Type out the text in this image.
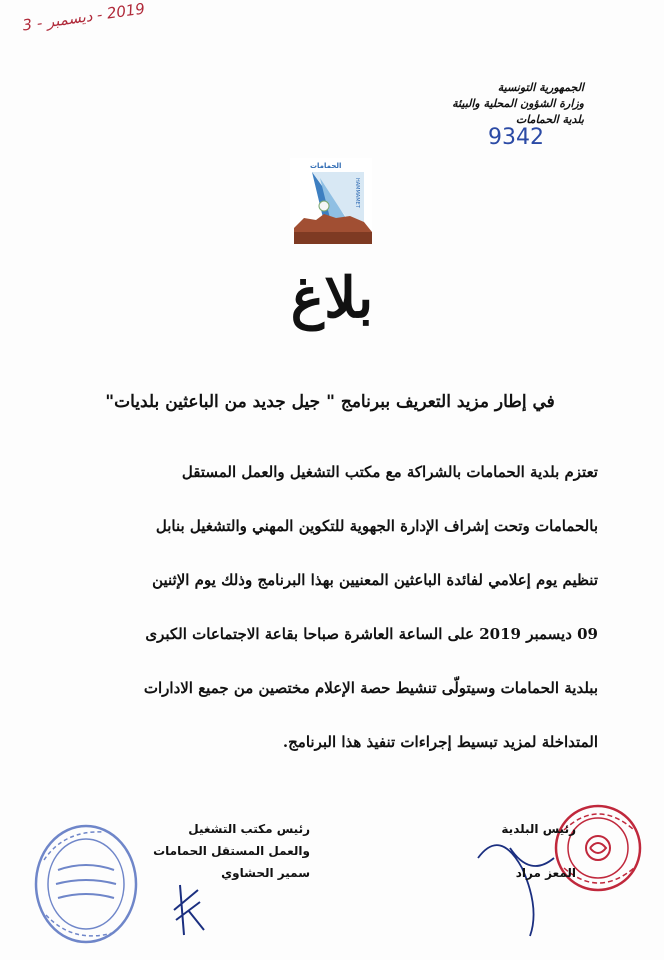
2019 - ديسمبر - 3
الجمهورية التونسية
وزارة الشؤون المحلية والبيئة
بلدية الحمامات
9342
الحمامات
HAMMAMET
بلاغ
في إطار مزيد التعريف ببرنامج " جيل جديد من الباعثين بلديات"
تعتزم بلدية الحمامات بالشراكة مع مكتب التشغيل والعمل المستقل
بالحمامات وتحت إشراف الإدارة الجهوية للتكوين المهني والتشغيل بنابل
تنظيم يوم إعلامي لفائدة الباعثين المعنيين بهذا البرنامج وذلك يوم الإثنين
09 ديسمبر 2019 على الساعة العاشرة صباحا بقاعة الاجتماعات الكبرى
ببلدية الحمامات وسيتولّى تنشيط حصة الإعلام مختصين من جميع الادارات
المتداخلة لمزيد تبسيط إجراءات تنفيذ هذا البرنامج.
رئيس مكتب التشغيل
والعمل المستقل الحمامات
سمير الحشاوي
رئيس البلدية
المعز مراد
